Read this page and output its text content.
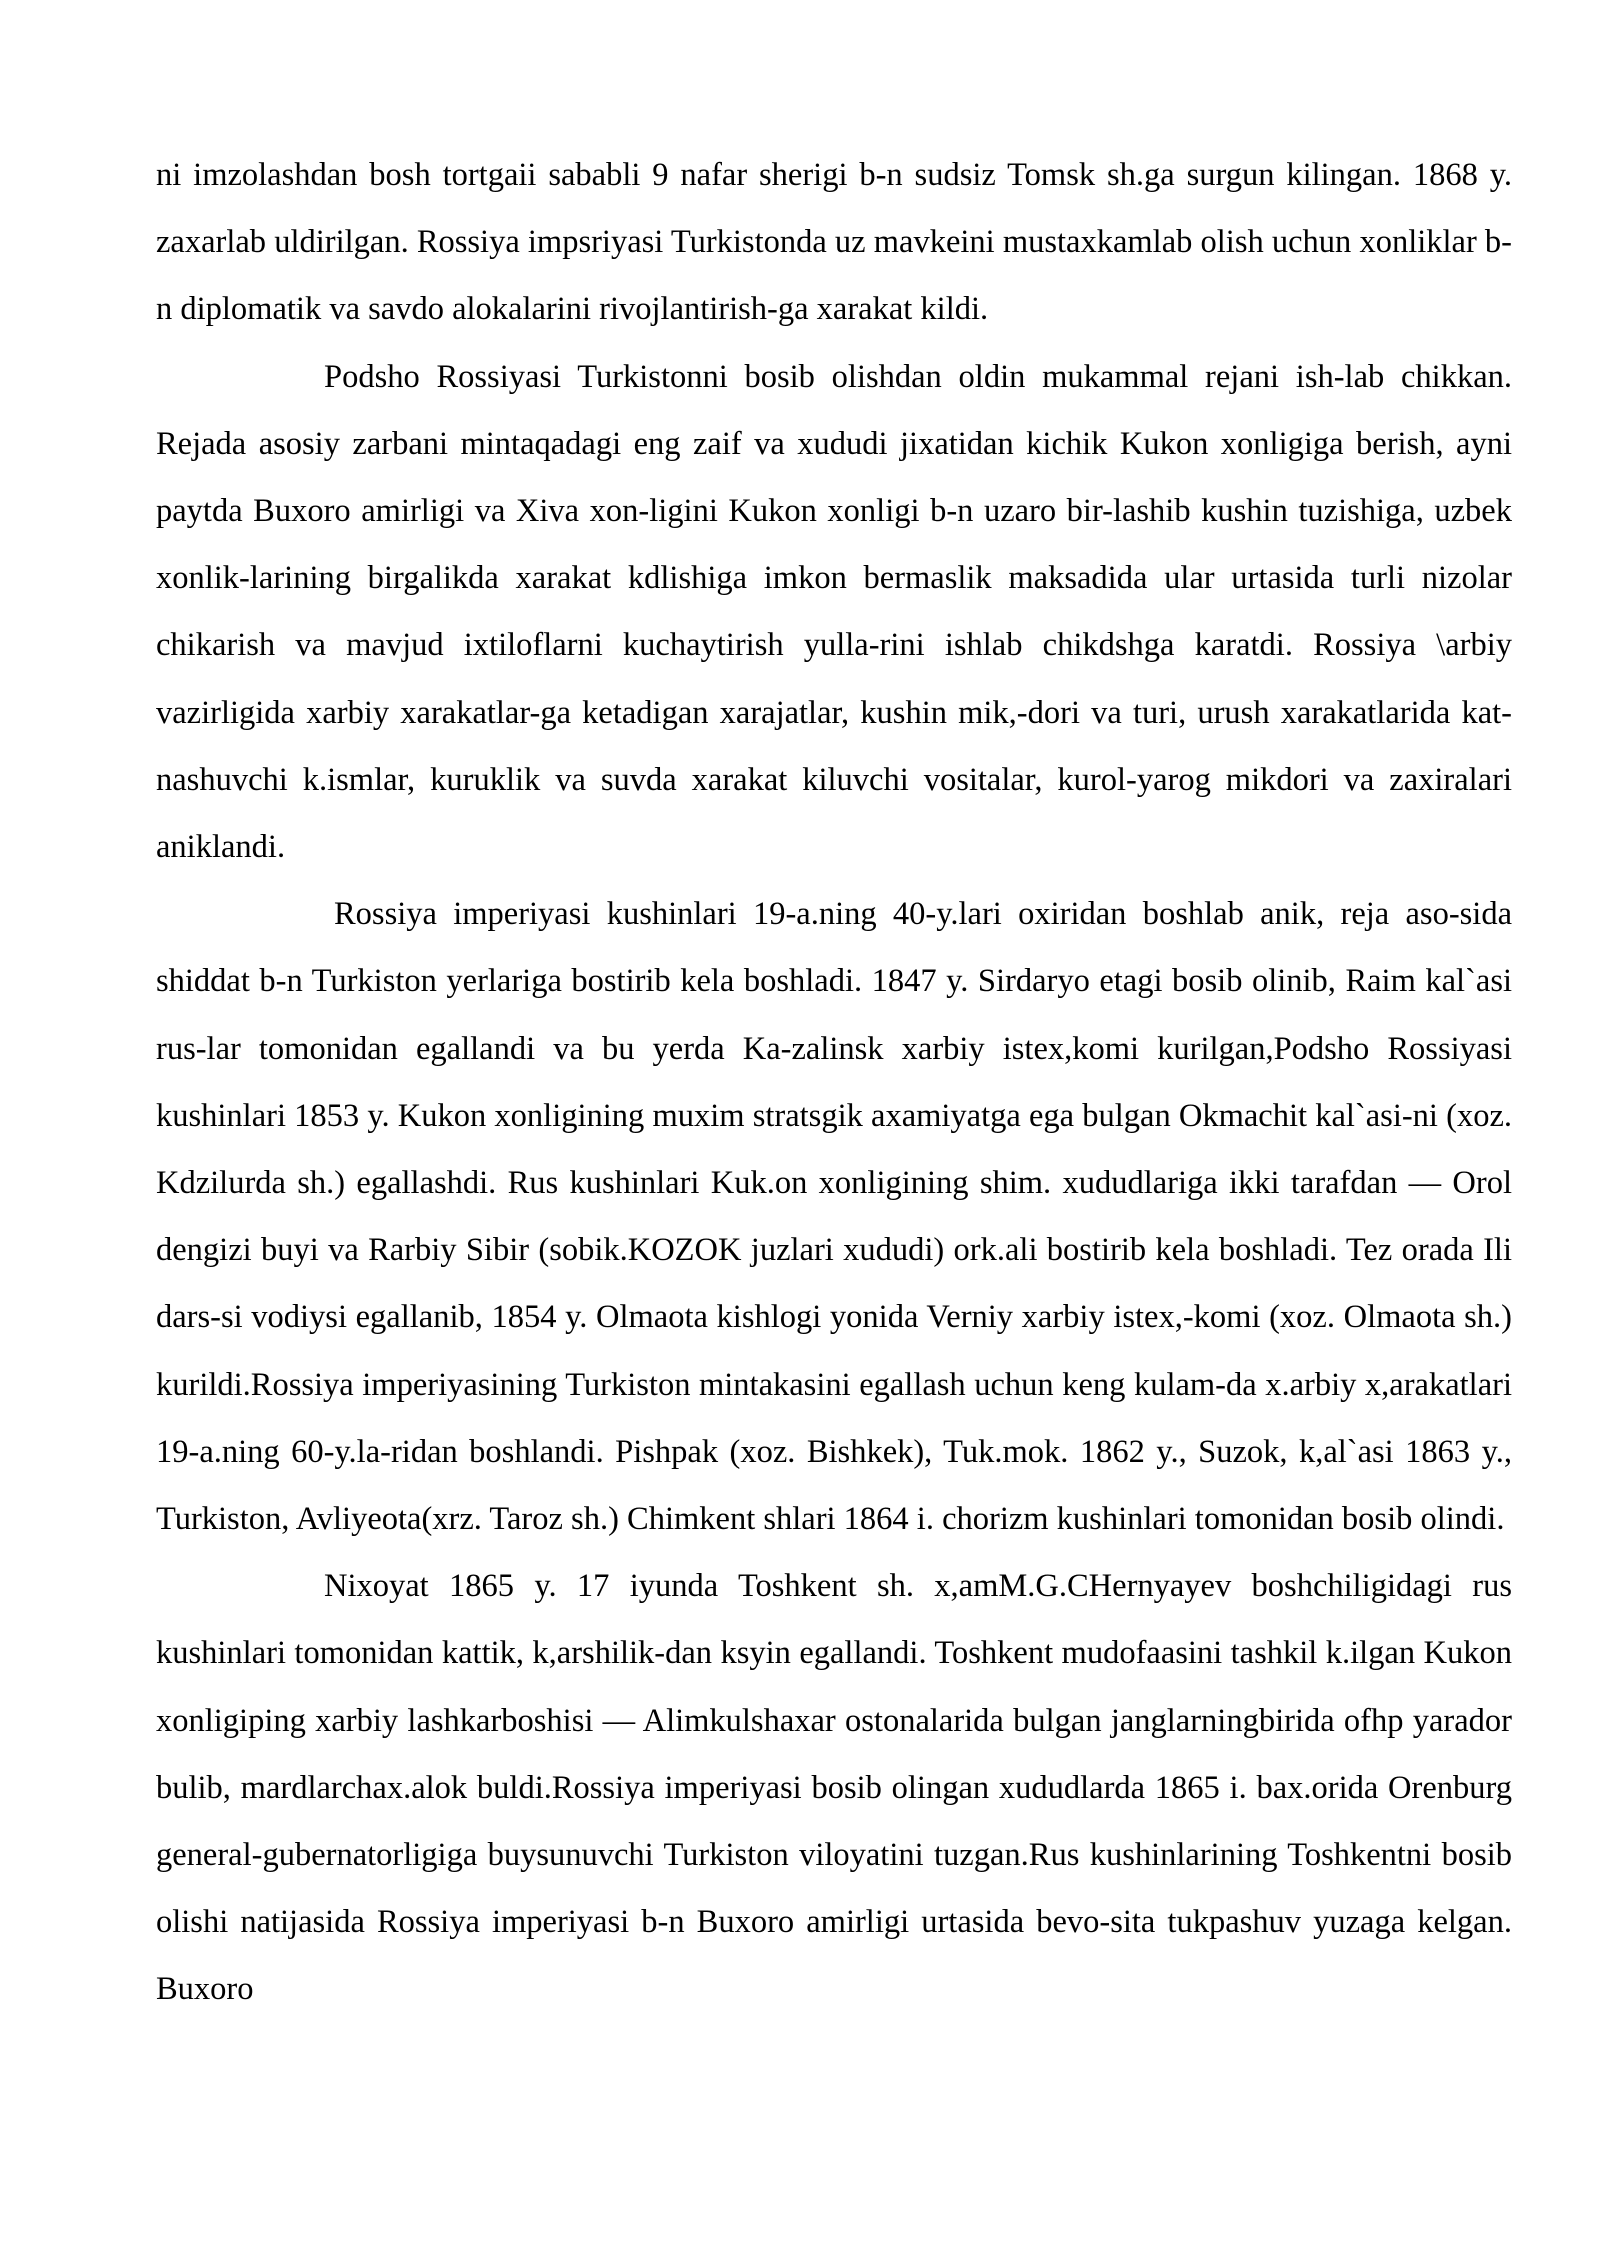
ni imzolashdan bosh tortgaii sababli 9 nafar sherigi b-n sudsiz Tomsk sh.ga surgun kilingan. 1868 y. zaxarlab uldirilgan. Rossiya impsriyasi Turkistonda uz mavkeini mustaxkamlab olish uchun xonliklar b-n diplomatik va savdo alokalarini rivojlantirish-ga xarakat kildi.

Podsho Rossiyasi Turkistonni bosib olishdan oldin mukammal rejani ish-lab chikkan. Rejada asosiy zarbani mintaqadagi eng zaif va xududi jixatidan kichik Kukon xonligiga berish, ayni paytda Buxoro amirligi va Xiva xon-ligini Kukon xonligi b-n uzaro bir-lashib kushin tuzishiga, uzbek xonlik-larining birgalikda xarakat kdlishiga imkon bermaslik maksadida ular urtasida turli nizolar chikarish va mavjud ixtiloflarni kuchaytirish yulla-rini ishlab chikdshga karatdi. Rossiya \arbiy vazirligida xarbiy xarakatlar-ga ketadigan xarajatlar, kushin mik,-dori va turi, urush xarakatlarida kat-nashuvchi k.ismlar, kuruklik va suvda xarakat kiluvchi vositalar, kurol-yarog mikdori va zaxiralari aniklandi.

Rossiya imperiyasi kushinlari 19-a.ning 40-y.lari oxiridan boshlab anik, reja aso-sida shiddat b-n Turkiston yerlariga bostirib kela boshladi. 1847 y. Sirdaryo etagi bosib olinib, Raim kal`asi rus-lar tomonidan egallandi va bu yerda Ka-zalinsk xarbiy istex,komi kurilgan,Podsho Rossiyasi kushinlari 1853 y. Kukon xonligining muxim stratsgik axamiyatga ega bulgan Okmachit kal`asi-ni (xoz. Kdzilurda sh.) egallashdi. Rus kushinlari Kuk.on xonligining shim. xududlariga ikki tarafdan — Orol dengizi buyi va Rarbiy Sibir (sobik.KOZOK juzlari xududi) ork.ali bostirib kela boshladi. Tez orada Ili dars-si vodiysi egallanib, 1854 y. Olmaota kishlogi yonida Verniy xarbiy istex,-komi (xoz. Olmaota sh.) kurildi.Rossiya imperiyasining Turkiston mintakasini egallash uchun keng kulam-da x.arbiy x,arakatlari 19-a.ning 60-y.la-ridan boshlandi. Pishpak (xoz. Bishkek), Tuk.mok. 1862 y., Suzok, k,al`asi 1863 y., Turkiston, Avliyeota(xrz. Taroz sh.) Chimkent shlari 1864 i. chorizm kushinlari tomonidan bosib olindi.

Nixoyat 1865 y. 17 iyunda Toshkent sh. x,amM.G.CHernyayev boshchiligidagi rus kushinlari tomonidan kattik, k,arshilik-dan ksyin egallandi. Toshkent mudofaasini tashkil k.ilgan Kukon xonligiping xarbiy lashkarboshisi — Alimkulshaxar ostonalarida bulgan janglarningbirida ofhp yarador bulib, mardlarchax.alok buldi.Rossiya imperiyasi bosib olingan xududlarda 1865 i. bax.orida Orenburg general-gubernatorligiga buysunuvchi Turkiston viloyatini tuzgan.Rus kushinlarining Toshkentni bosib olishi natijasida Rossiya imperiyasi b-n Buxoro amirligi urtasida bevo-sita tukpashuv yuzaga kelgan. Buxoro
